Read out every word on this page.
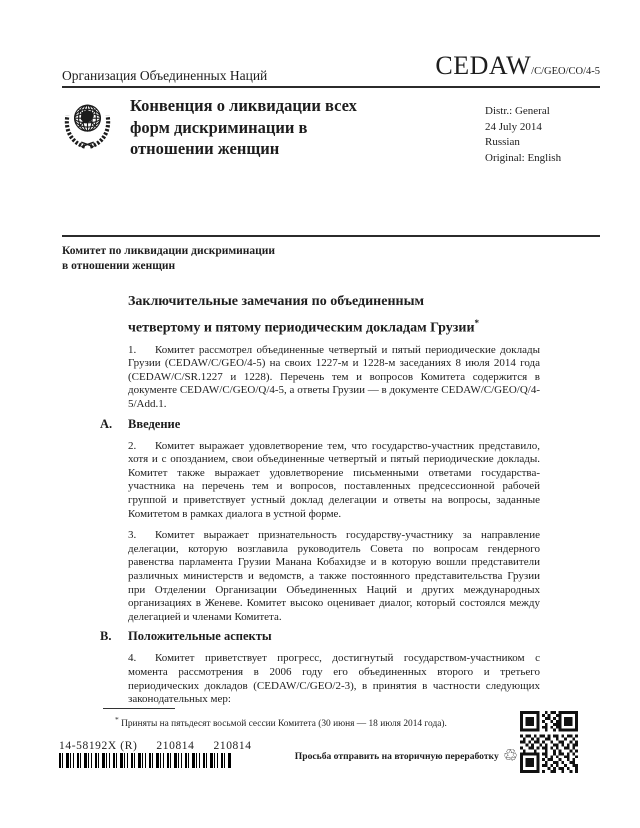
Организация Объединенных Наций	CEDAW/C/GEO/CO/4-5
Конвенция о ликвидации всех
форм дискриминации в
отношении женщин
Distr.: General
24 July 2014
Russian
Original: English
Комитет по ликвидации дискриминации
в отношении женщин
Заключительные замечания по объединенным
четвертому и пятому периодическим докладам Грузии*

1. Комитет рассмотрел объединенные четвертый и пятый периодические доклады Грузии (CEDAW/C/GEO/4-5) на своих 1227-м и 1228-м заседаниях 8 июля 2014 года (CEDAW/C/SR.1227 и 1228). Перечень тем и вопросов Комитета содержится в документе CEDAW/C/GEO/Q/4-5, а ответы Грузии — в документе CEDAW/C/GEO/Q/4-5/Add.1.

A. Введение

2. Комитет выражает удовлетворение тем, что государство-участник представило, хотя и с опозданием, свои объединенные четвертый и пятый периодические доклады. Комитет также выражает удовлетворение письменными ответами государства-участника на перечень тем и вопросов, поставленных предсессионной рабочей группой и приветствует устный доклад делегации и ответы на вопросы, заданные Комитетом в рамках диалога в устной форме.

3. Комитет выражает признательность государству-участнику за направление делегации, которую возглавила руководитель Совета по вопросам гендерного равенства парламента Грузии Манана Кобахидзе и в которую вошли представители различных министерств и ведомств, а также постоянного представительства Грузии при Отделении Организации Объединенных Наций и других международных организациях в Женеве. Комитет высоко оценивает диалог, который состоялся между делегацией и членами Комитета.

B. Положительные аспекты

4. Комитет приветствует прогресс, достигнутый государством-участником с момента рассмотрения в 2006 году его объединенных второго и третьего периодических докладов (CEDAW/C/GEO/2-3), в принятия в частности следующих законодательных мер:

* Приняты на пятьдесят восьмой сессии Комитета (30 июня — 18 июля 2014 года).
14-58192X (R) 210814 210814
Просьба отправить на вторичную переработку ♲
